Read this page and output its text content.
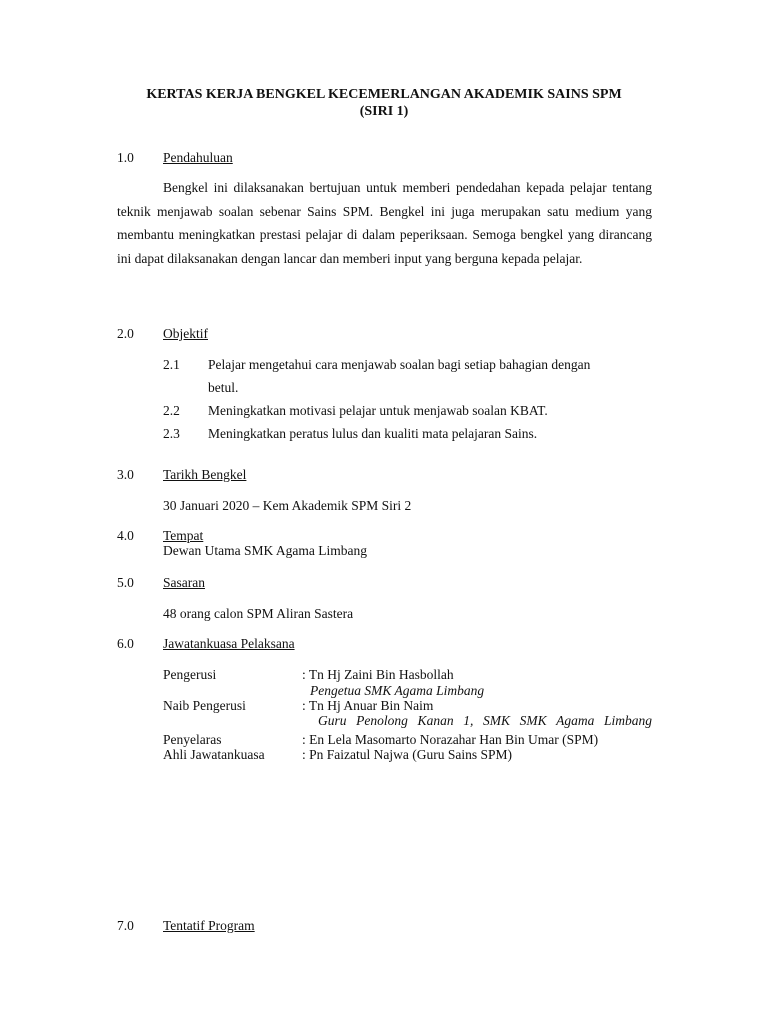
KERTAS KERJA BENGKEL KECEMERLANGAN AKADEMIK SAINS SPM
(SIRI 1)
1.0 Pendahuluan
Bengkel ini dilaksanakan bertujuan untuk memberi pendedahan kepada pelajar tentang teknik menjawab soalan sebenar Sains SPM. Bengkel ini juga merupakan satu medium yang membantu meningkatkan prestasi pelajar di dalam peperiksaan. Semoga bengkel yang dirancang ini dapat dilaksanakan dengan lancar dan memberi input yang berguna kepada pelajar.
2.0 Objektif
2.1 Pelajar mengetahui cara menjawab soalan bagi setiap bahagian dengan
betul.
2.2 Meningkatkan motivasi pelajar untuk menjawab soalan KBAT.
2.3 Meningkatkan peratus lulus dan kualiti mata pelajaran Sains.
3.0 Tarikh Bengkel
30 Januari 2020 – Kem Akademik SPM Siri 2
4.0 Tempat
Dewan Utama SMK Agama Limbang
5.0 Sasaran
48 orang calon SPM Aliran Sastera
6.0 Jawatankuasa Pelaksana
Pengerusi	: Tn Hj Zaini Bin Hasbollah
Pengetua SMK Agama Limbang
Naib Pengerusi	: Tn Hj Anuar Bin Naim
Guru Penolong Kanan 1, SMK SMK Agama Limbang
Penyelaras	: En Lela Masomarto Norazahar Han Bin Umar (SPM)
Ahli Jawatankuasa	: Pn Faizatul Najwa (Guru Sains SPM)
7.0 Tentatif Program
